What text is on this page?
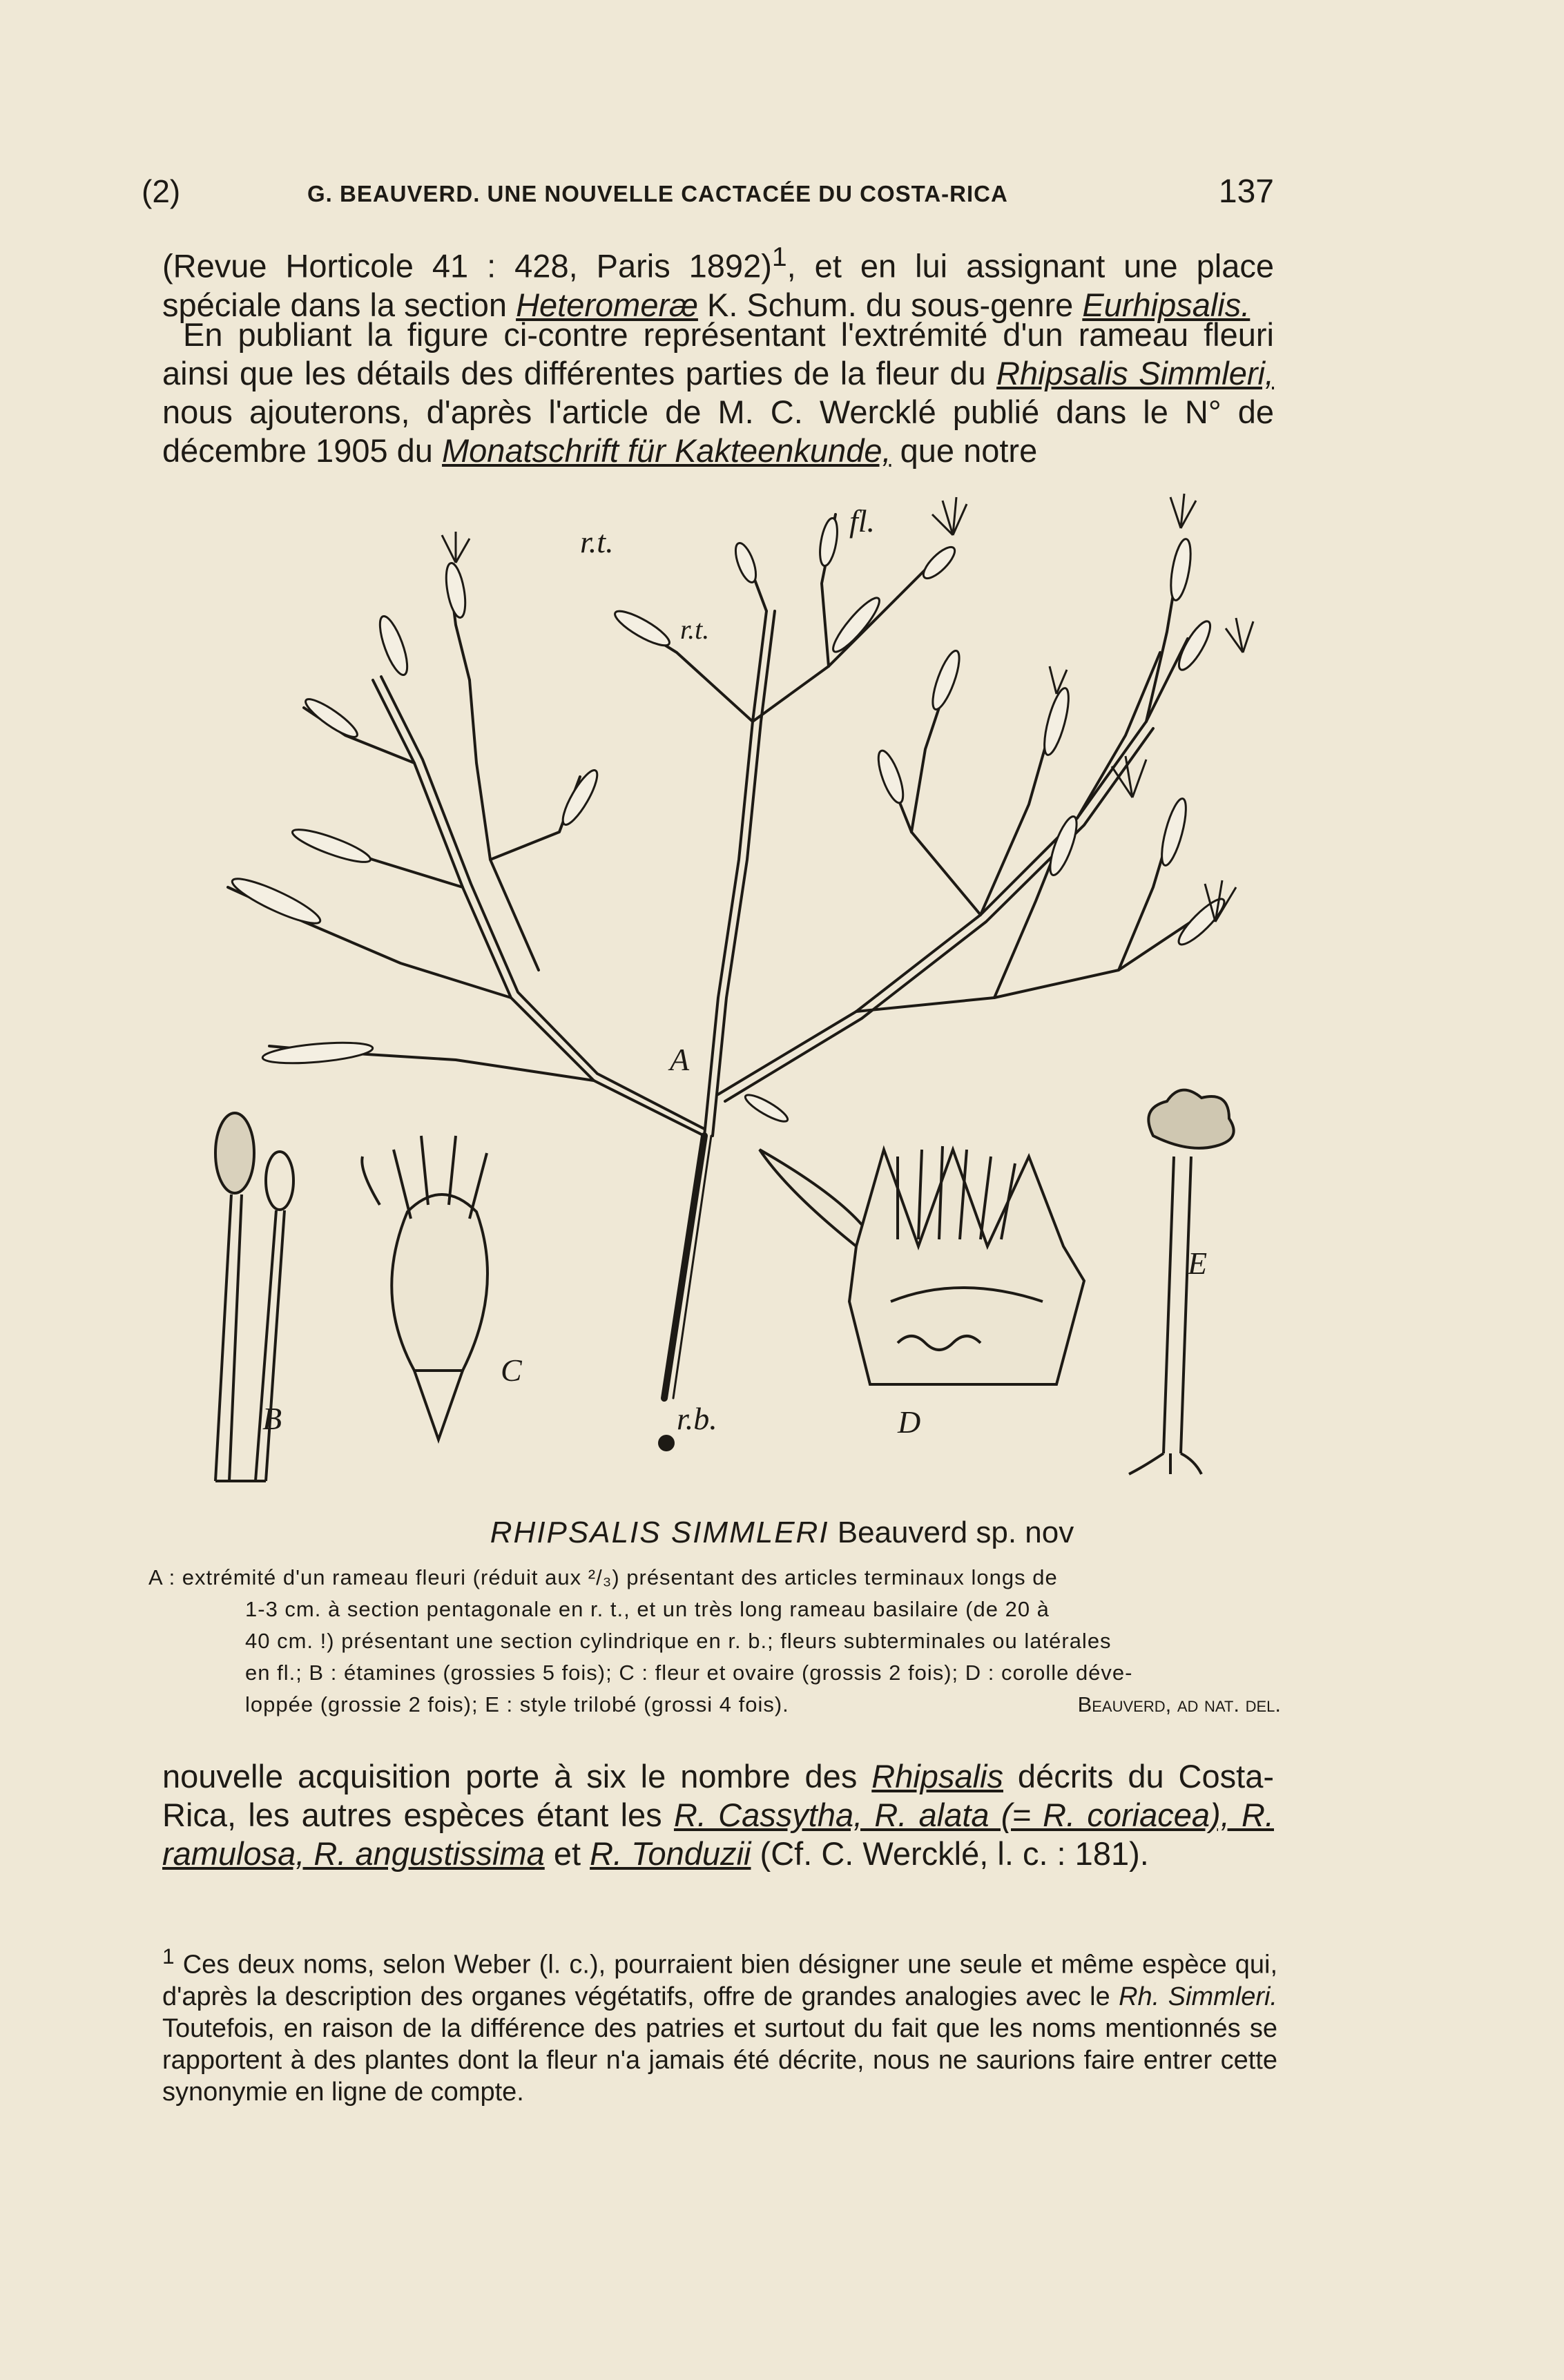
(2)	G. BEAUVERD. UNE NOUVELLE CACTACÉE DU COSTA-RICA	137
(Revue Horticole 41 : 428, Paris 1892)$^1$, et en lui assignant une place spéciale dans la section Heteromeræ K. Schum. du sous-genre Eurhipsalis.
En publiant la figure ci-contre représentant l'extrémité d'un rameau fleuri ainsi que les détails des différentes parties de la fleur du Rhipsalis Simmleri, nous ajouterons, d'après l'article de M. C. Wercklé publié dans le N° de décembre 1905 du Monatschrift für Kakteenkunde, que notre
r.t.
fl.
r.t.
A
B
C
r.b.	D
E
RHIPSALIS SIMMLERI Beauverd sp. nov
A : extrémité d'un rameau fleuri (réduit aux ²/₃) présentant des articles terminaux longs de
1-3 cm. à section pentagonale en r. t., et un très long rameau basilaire (de 20 à
40 cm. !) présentant une section cylindrique en r. b.; fleurs subterminales ou latérales
en fl.; B : étamines (grossies 5 fois); C : fleur et ovaire (grossis 2 fois); D : corolle déve-
loppée (grossie 2 fois); E : style trilobé (grossi 4 fois).	Beauverd, ad nat. del.
nouvelle acquisition porte à six le nombre des Rhipsalis décrits du Costa-Rica, les autres espèces étant les R. Cassytha, R. alata (= R. coriacea), R. ramulosa, R. angustissima et R. Tonduzii (Cf. C. Wercklé, l. c. : 181).
$^1$ Ces deux noms, selon Weber (l. c.), pourraient bien désigner une seule et même espèce qui, d'après la description des organes végétatifs, offre de grandes analogies avec le Rh. Simmleri. Toutefois, en raison de la différence des patries et surtout du fait que les noms mentionnés se rapportent à des plantes dont la fleur n'a jamais été décrite, nous ne saurions faire entrer cette synonymie en ligne de compte.
